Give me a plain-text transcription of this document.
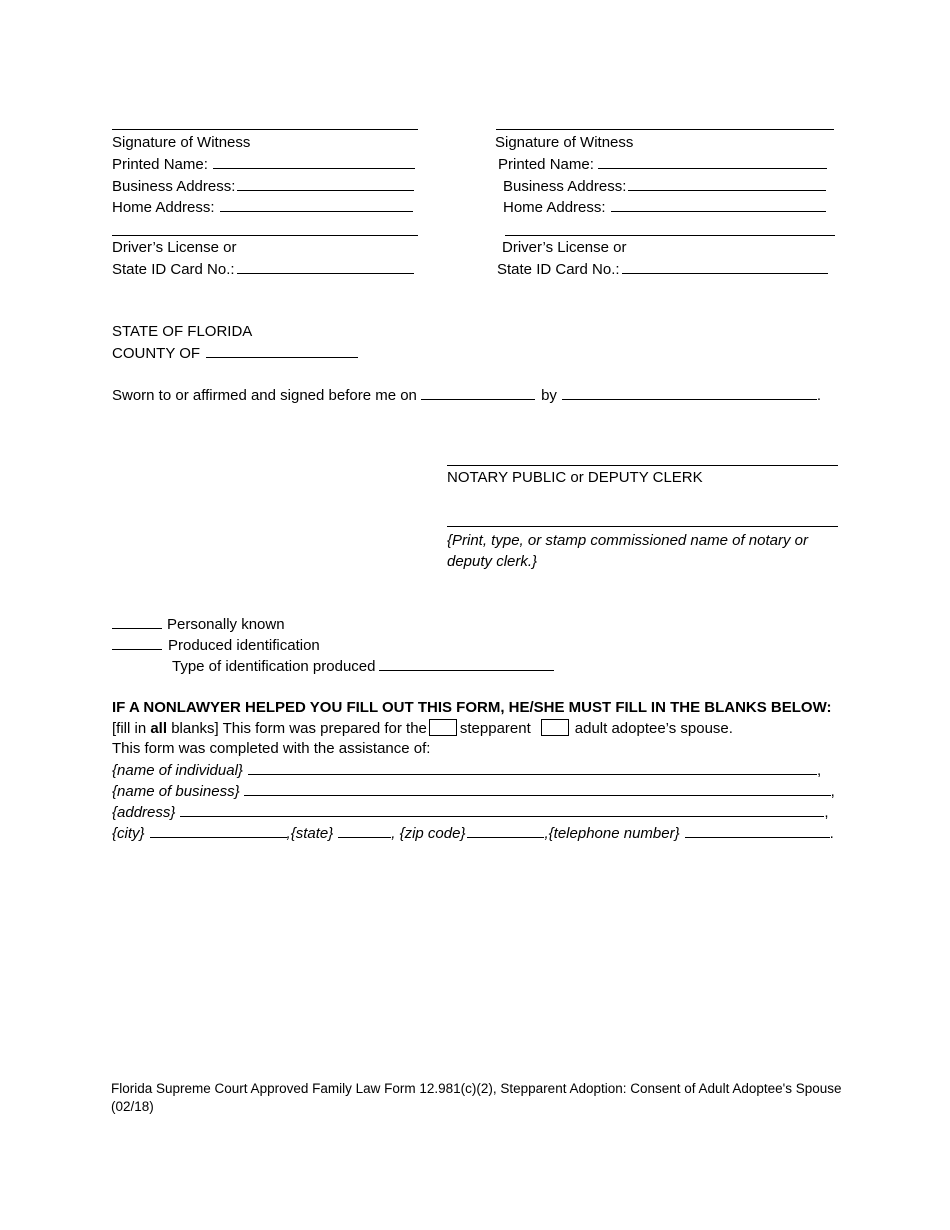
Signature of Witness
Printed Name:
Business Address:
Home Address:
Driver’s License or
State ID Card No.:
Signature of Witness
Printed Name:
Business Address:
Home Address:
Driver’s License or
State ID Card No.:
STATE OF FLORIDA
COUNTY OF
Sworn to or affirmed and signed before me on	by	.
NOTARY PUBLIC or DEPUTY CLERK
{Print, type, or stamp commissioned name of notary or deputy clerk.}
Personally known
Produced identification
Type of identification produced
IF A NONLAWYER HELPED YOU FILL OUT THIS FORM, HE/SHE MUST FILL IN THE BLANKS BELOW:
[fill in all blanks] This form was prepared for the stepparent	adult adoptee’s spouse.
This form was completed with the assistance of:
{name of individual}	,
{name of business}	,
{address}	,
{city}	,{state}	, {zip code}	,{telephone number}	.
Florida Supreme Court Approved Family Law Form 12.981(c)(2), Stepparent Adoption: Consent of Adult Adoptee's Spouse (02/18)
